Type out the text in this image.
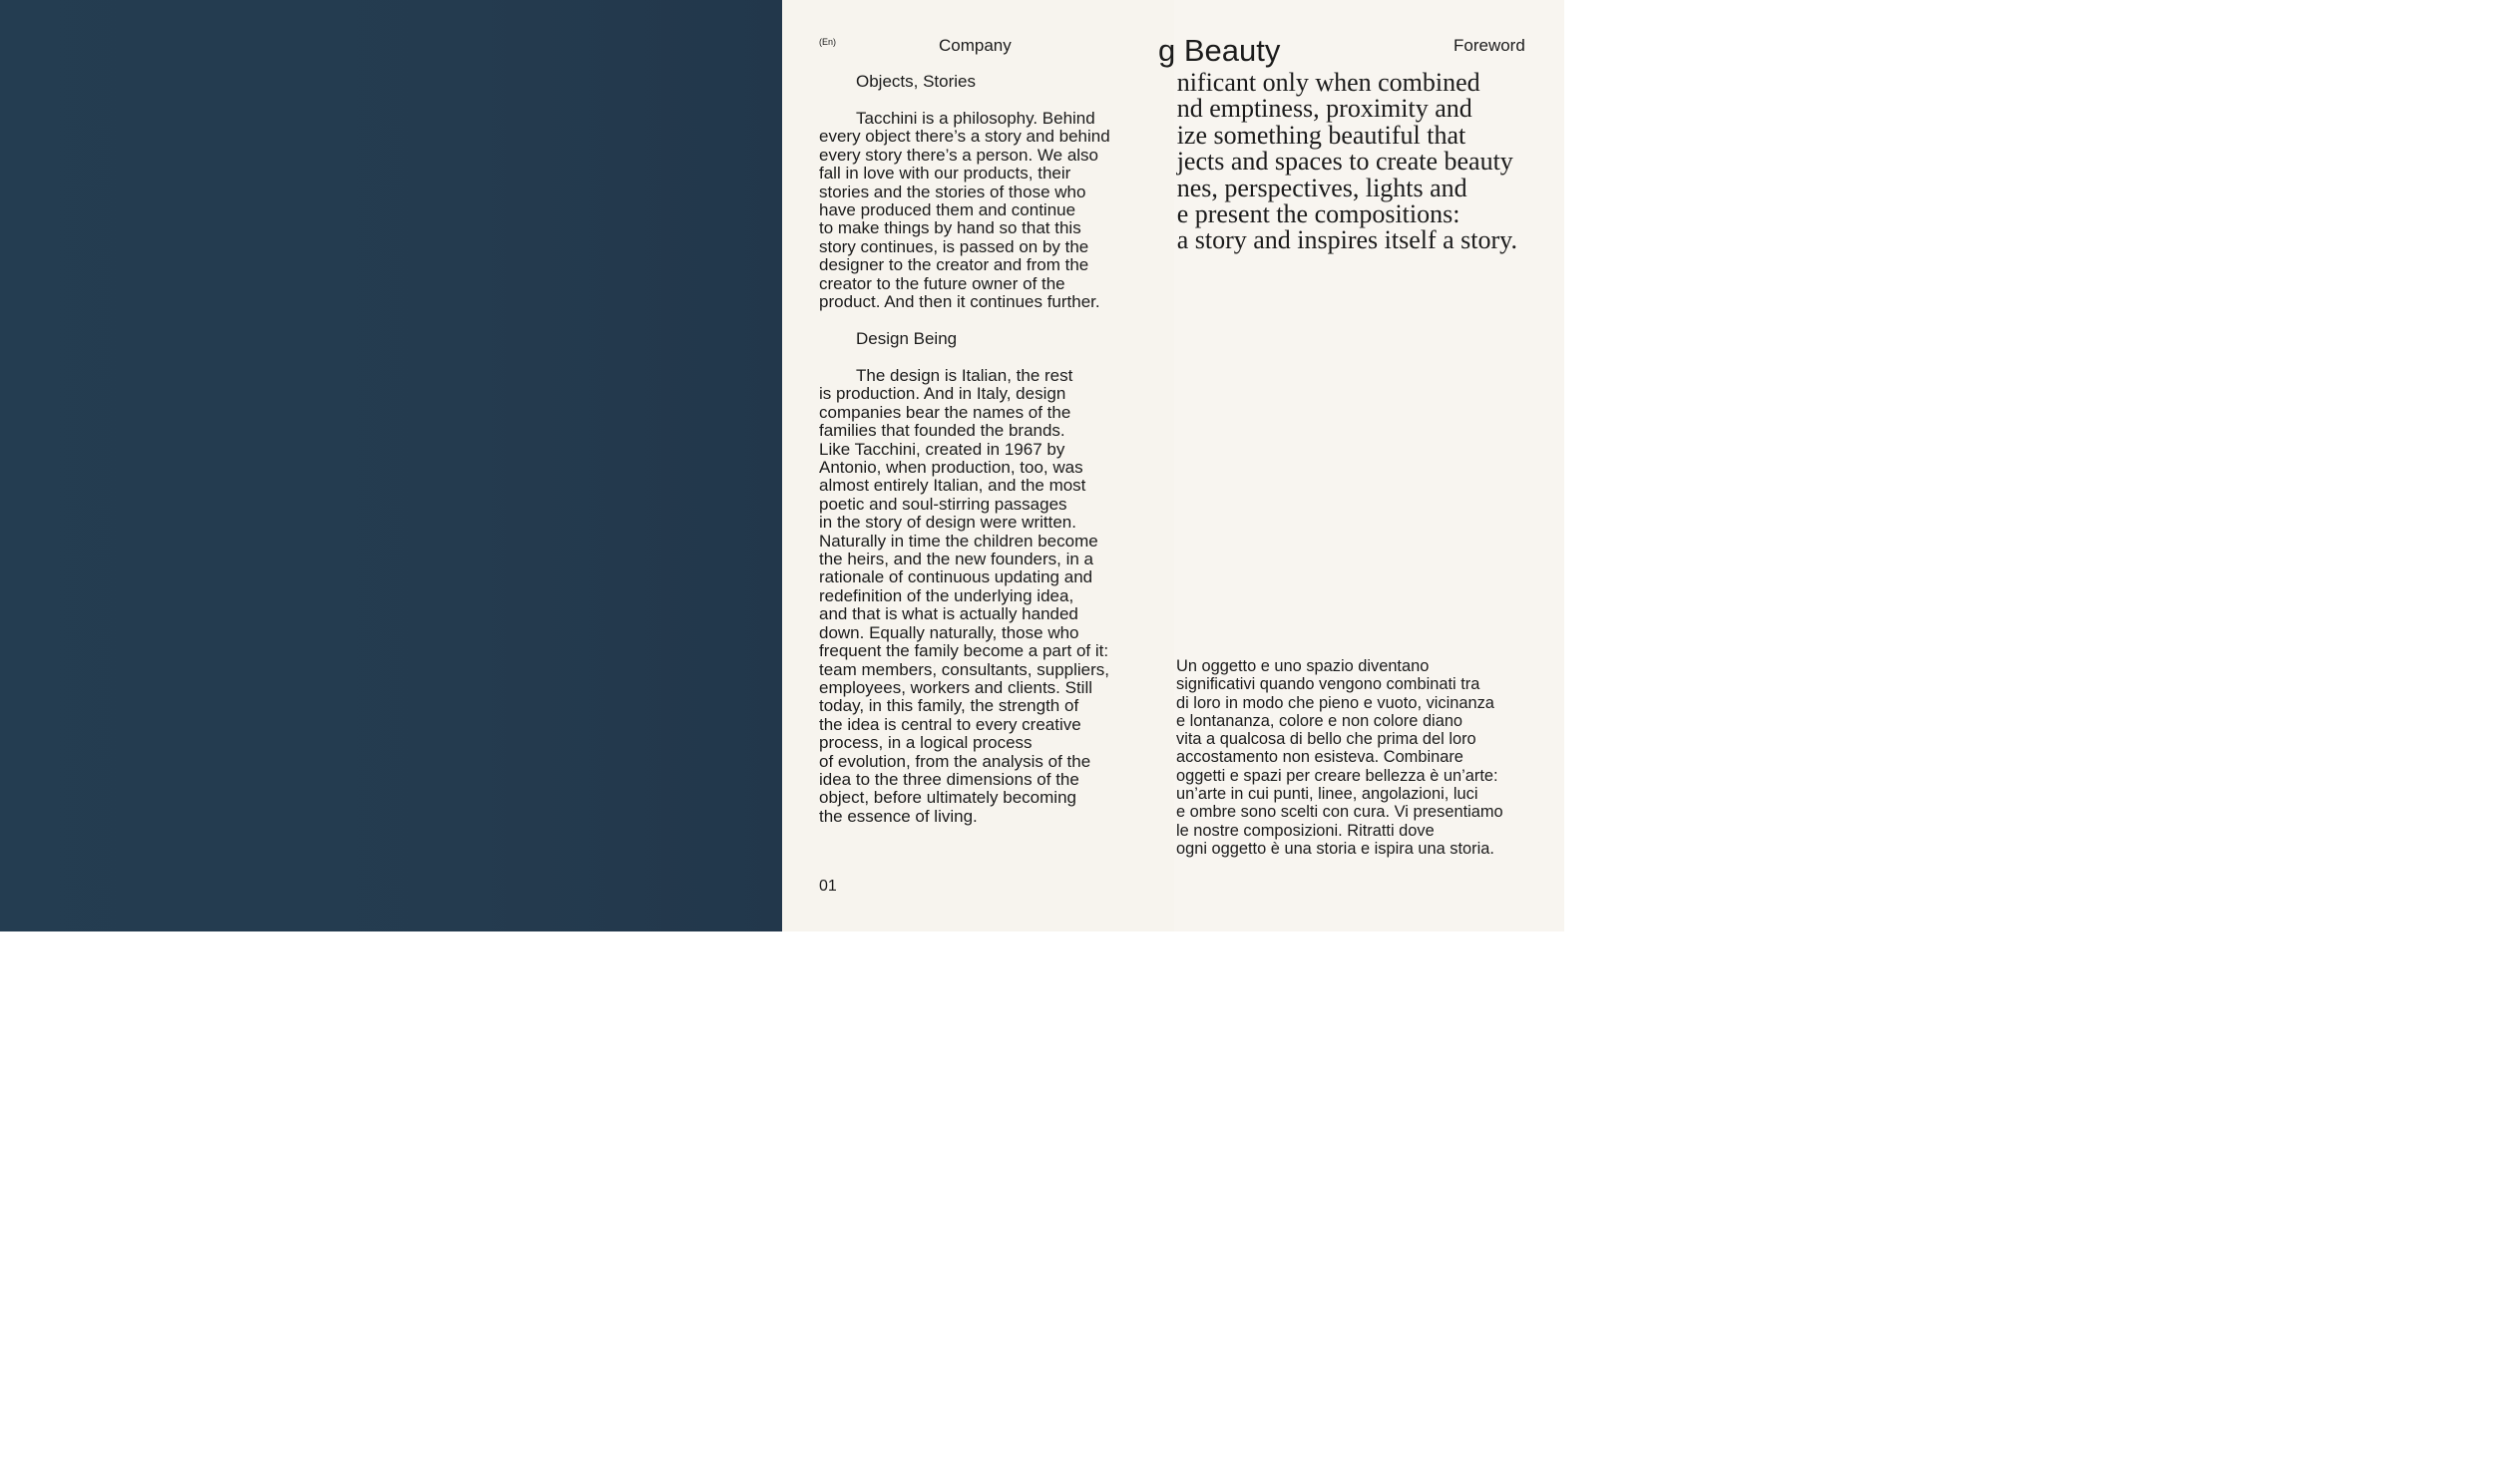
(En)	Company
Objects, Stories
Tacchini is a philosophy. Behind
every object there’s a story and behind
every story there’s a person. We also
fall in love with our products, their
stories and the stories of those who
have produced them and continue
to make things by hand so that this
story continues, is passed on by the
designer to the creator and from the
creator to the future owner of the
product. And then it continues further.
Design Being
The design is Italian, the rest
is production. And in Italy, design
companies bear the names of the
families that founded the brands.
Like Tacchini, created in 1967 by
Antonio, when production, too, was
almost entirely Italian, and the most
poetic and soul-stirring passages
in the story of design were written.
Naturally in time the children become
the heirs, and the new founders, in a
rationale of continuous updating and
redefinition of the underlying idea,
and that is what is actually handed
down. Equally naturally, those who
frequent the family become a part of it:
team members, consultants, suppliers,
employees, workers and clients. Still
today, in this family, the strength of
the idea is central to every creative
process, in a logical process
of evolution, from the analysis of the
idea to the three dimensions of the
object, before ultimately becoming
the essence of living.
01
g Beauty	Foreword
nificant only when combined
nd emptiness, proximity and
ize something beautiful that
jects and spaces to create beauty
nes, perspectives, lights and
e present the compositions:
a story and inspires itself a story.
Un oggetto e uno spazio diventano
significativi quando vengono combinati tra
di loro in modo che pieno e vuoto, vicinanza
e lontananza, colore e non colore diano
vita a qualcosa di bello che prima del loro
accostamento non esisteva. Combinare
oggetti e spazi per creare bellezza è un’arte:
un’arte in cui punti, linee, angolazioni, luci
e ombre sono scelti con cura. Vi presentiamo
le nostre composizioni. Ritratti dove
ogni oggetto è una storia e ispira una storia.
